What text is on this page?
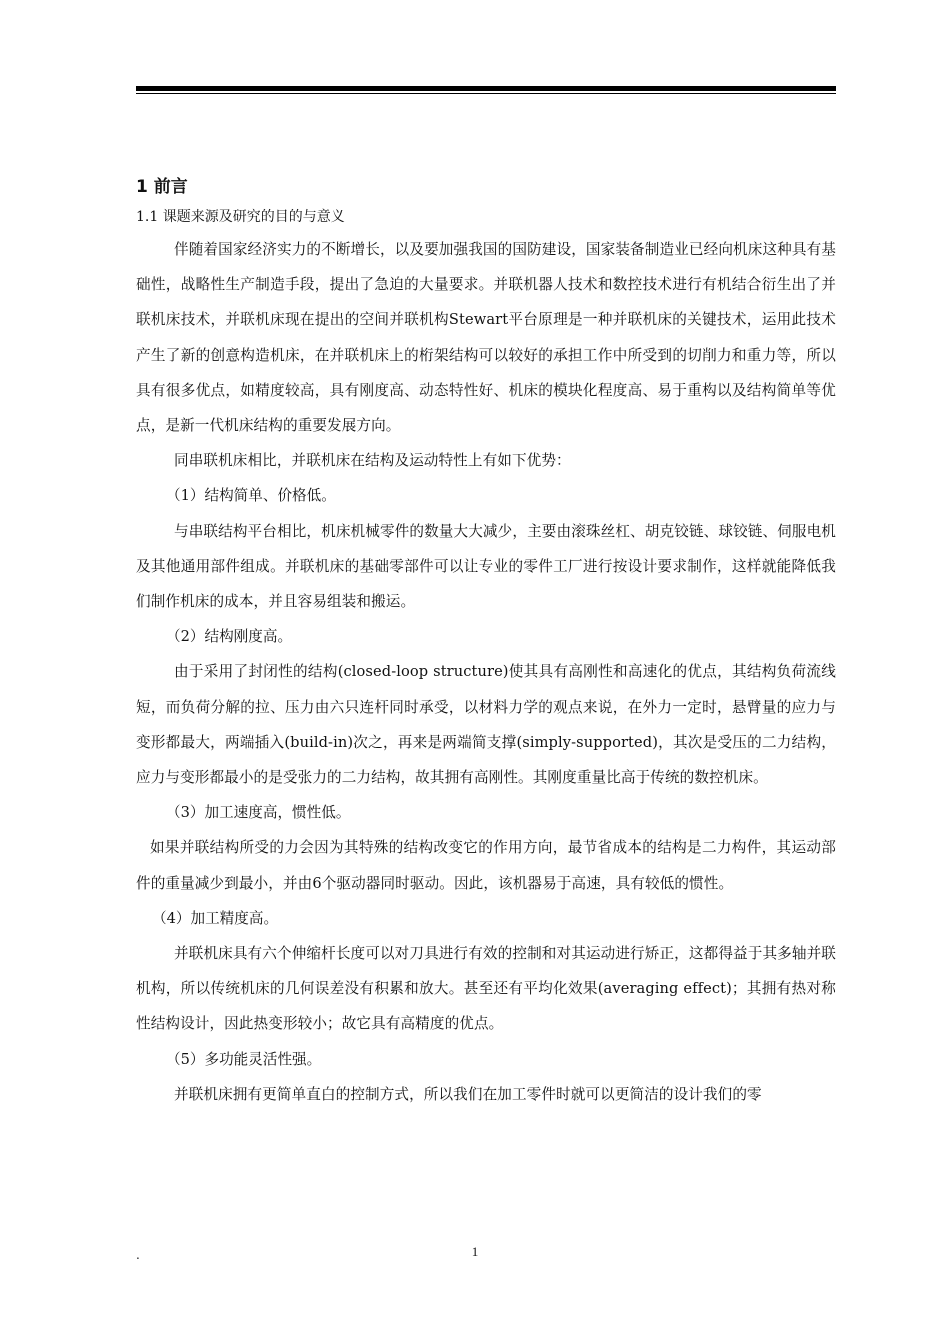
1 前言

1.1 课题来源及研究的目的与意义

伴随着国家经济实力的不断增长，以及要加强我国的国防建设，国家装备制造业已经向机床这种具有基础性，战略性生产制造手段，提出了急迫的大量要求。并联机器人技术和数控技术进行有机结合衍生出了并联机床技术，并联机床现在提出的空间并联机构Stewart平台原理是一种并联机床的关键技术，运用此技术产生了新的创意构造机床，在并联机床上的桁架结构可以较好的承担工作中所受到的切削力和重力等，所以具有很多优点，如精度较高，具有刚度高、动态特性好、机床的模块化程度高、易于重构以及结构简单等优点，是新一代机床结构的重要发展方向。

同串联机床相比，并联机床在结构及运动特性上有如下优势：

（1）结构简单、价格低。

与串联结构平台相比，机床机械零件的数量大大减少，主要由滚珠丝杠、胡克铰链、球铰链、伺服电机及其他通用部件组成。并联机床的基础零部件可以让专业的零件工厂进行按设计要求制作，这样就能降低我们制作机床的成本，并且容易组装和搬运。

（2）结构刚度高。

由于采用了封闭性的结构(closed-loop structure)使其具有高刚性和高速化的优点，其结构负荷流线短，而负荷分解的拉、压力由六只连杆同时承受，以材料力学的观点来说，在外力一定时，悬臂量的应力与变形都最大，两端插入(build-in)次之，再来是两端简支撑(simply-supported)，其次是受压的二力结构，应力与变形都最小的是受张力的二力结构，故其拥有高刚性。其刚度重量比高于传统的数控机床。

（3）加工速度高，惯性低。

如果并联结构所受的力会因为其特殊的结构改变它的作用方向，最节省成本的结构是二力构件，其运动部件的重量减少到最小，并由6个驱动器同时驱动。因此，该机器易于高速，具有较低的惯性。

（4）加工精度高。

并联机床具有六个伸缩杆长度可以对刀具进行有效的控制和对其运动进行矫正，这都得益于其多轴并联机构，所以传统机床的几何误差没有积累和放大。甚至还有平均化效果(averaging effect)；其拥有热对称性结构设计，因此热变形较小；故它具有高精度的优点。

（5）多功能灵活性强。

并联机床拥有更简单直白的控制方式，所以我们在加工零件时就可以更简洁的设计我们的零

.	1
